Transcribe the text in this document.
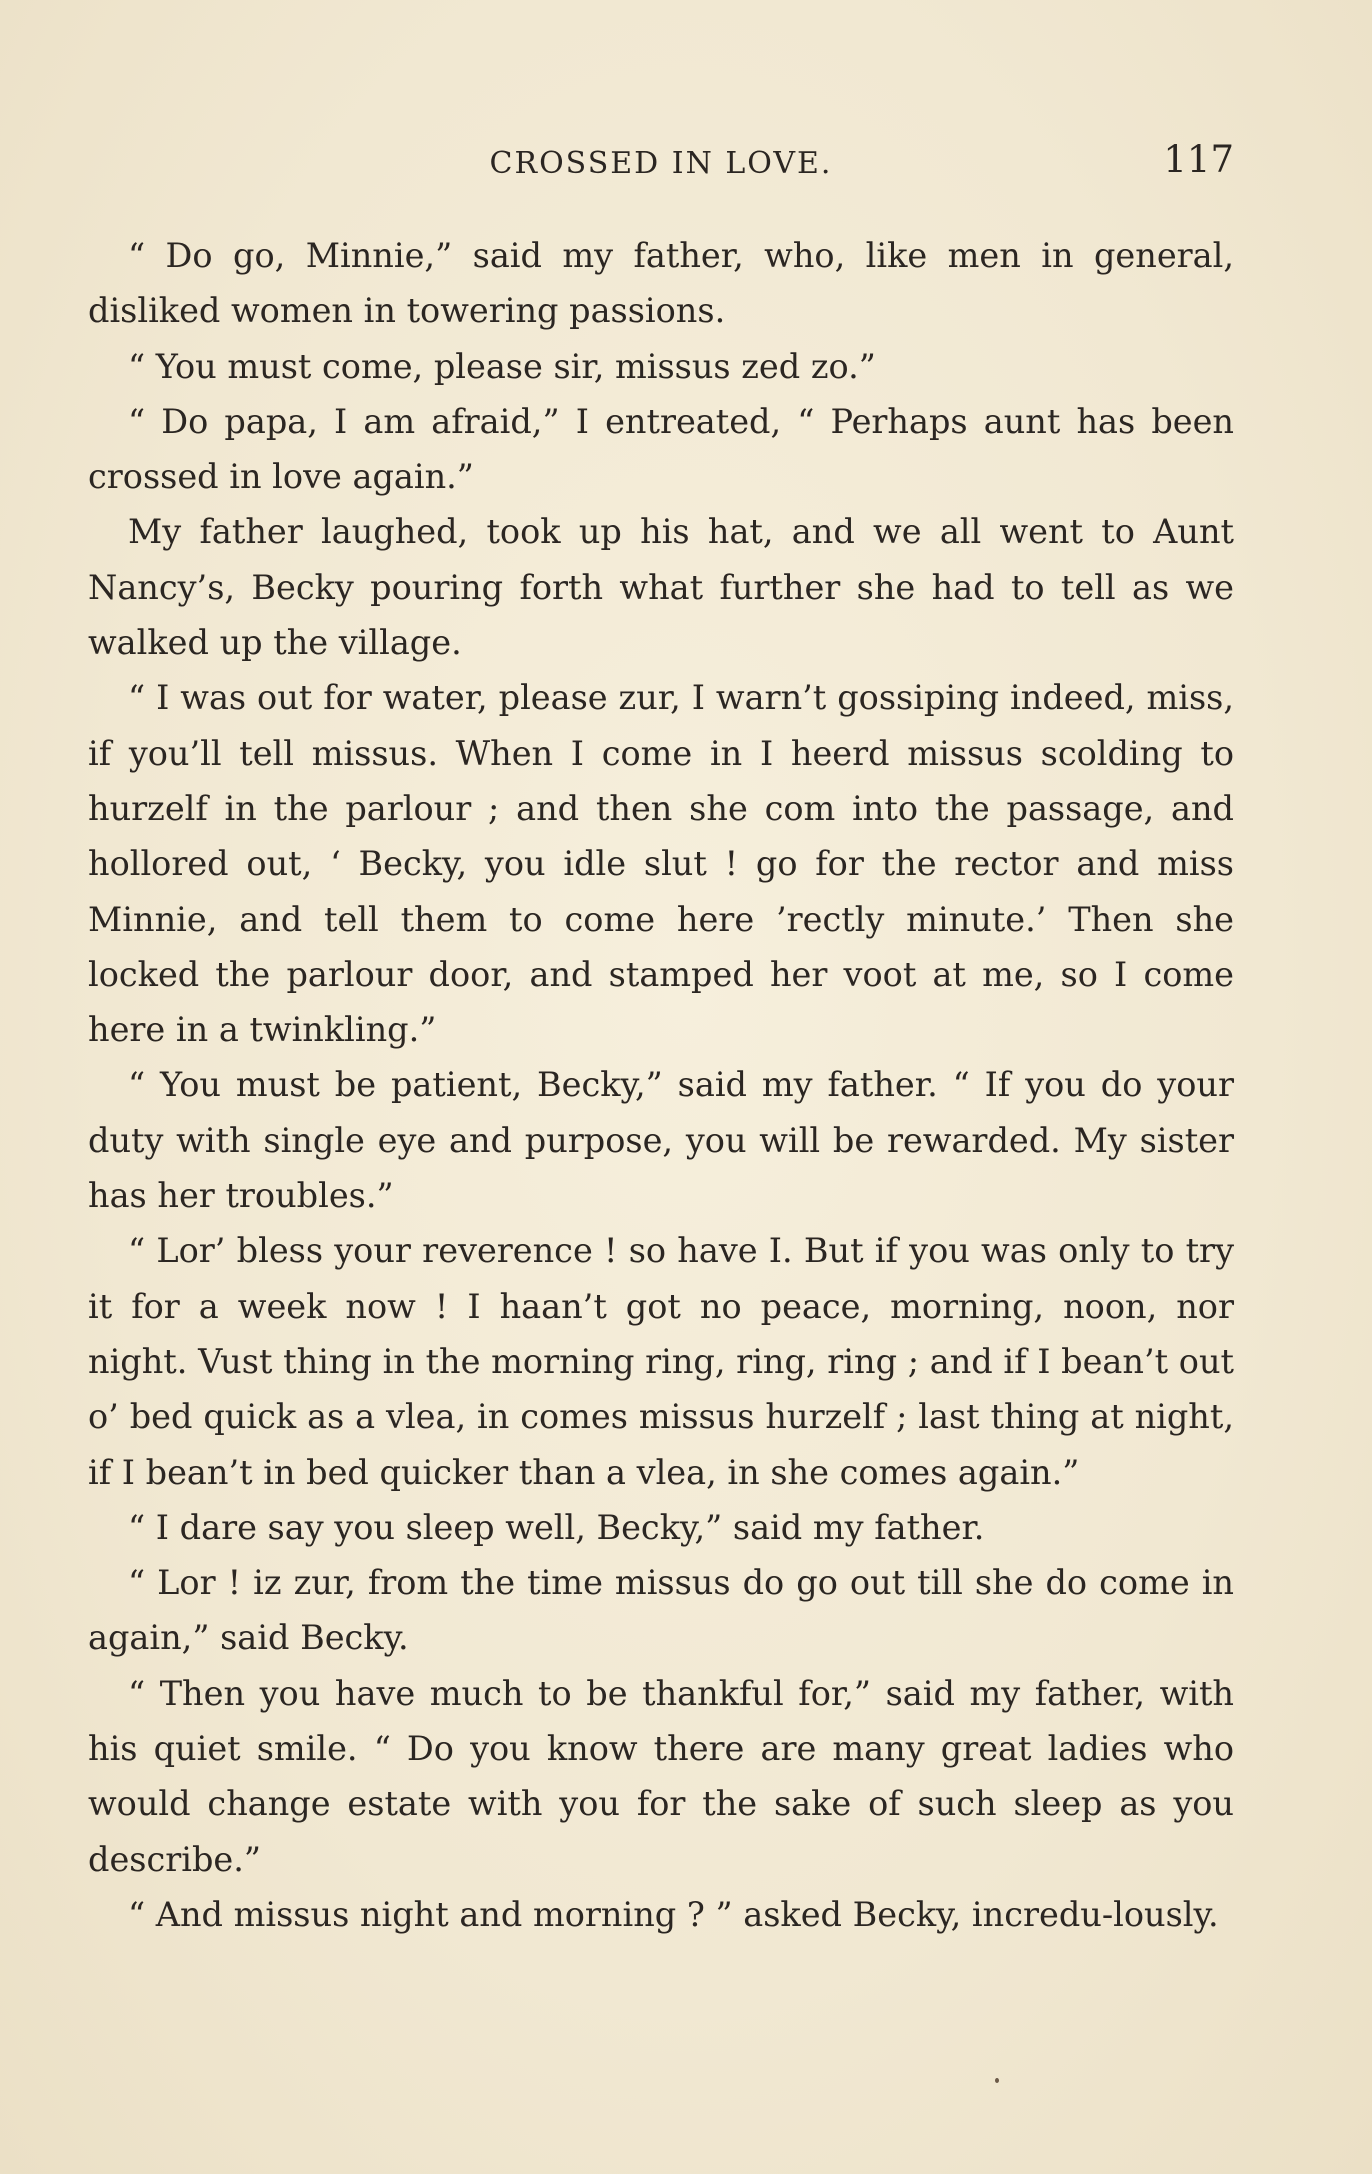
CROSSED IN LOVE.	117

“ Do go, Minnie,” said my father, who, like men in general, disliked women in towering passions.

“ You must come, please sir, missus zed zo.”

“ Do papa, I am afraid,” I entreated, “ Perhaps aunt has been crossed in love again.”

My father laughed, took up his hat, and we all went to Aunt Nancy’s, Becky pouring forth what further she had to tell as we walked up the village.

“ I was out for water, please zur, I warn’t gossiping indeed, miss, if you’ll tell missus. When I come in I heerd missus scolding to hurzelf in the parlour ; and then she com into the passage, and hollored out, ‘ Becky, you idle slut ! go for the rector and miss Minnie, and tell them to come here ’rectly minute.’ Then she locked the parlour door, and stamped her voot at me, so I come here in a twinkling.”

“ You must be patient, Becky,” said my father. “ If you do your duty with single eye and purpose, you will be rewarded. My sister has her troubles.”

“ Lor’ bless your reverence ! so have I. But if you was only to try it for a week now ! I haan’t got no peace, morning, noon, nor night. Vust thing in the morning ring, ring, ring ; and if I bean’t out o’ bed quick as a vlea, in comes missus hurzelf ; last thing at night, if I bean’t in bed quicker than a vlea, in she comes again.”

“ I dare say you sleep well, Becky,” said my father.

“ Lor ! iz zur, from the time missus do go out till she do come in again,” said Becky.

“ Then you have much to be thankful for,” said my father, with his quiet smile. “ Do you know there are many great ladies who would change estate with you for the sake of such sleep as you describe.”

“ And missus night and morning ? ” asked Becky, incredu-lously.
